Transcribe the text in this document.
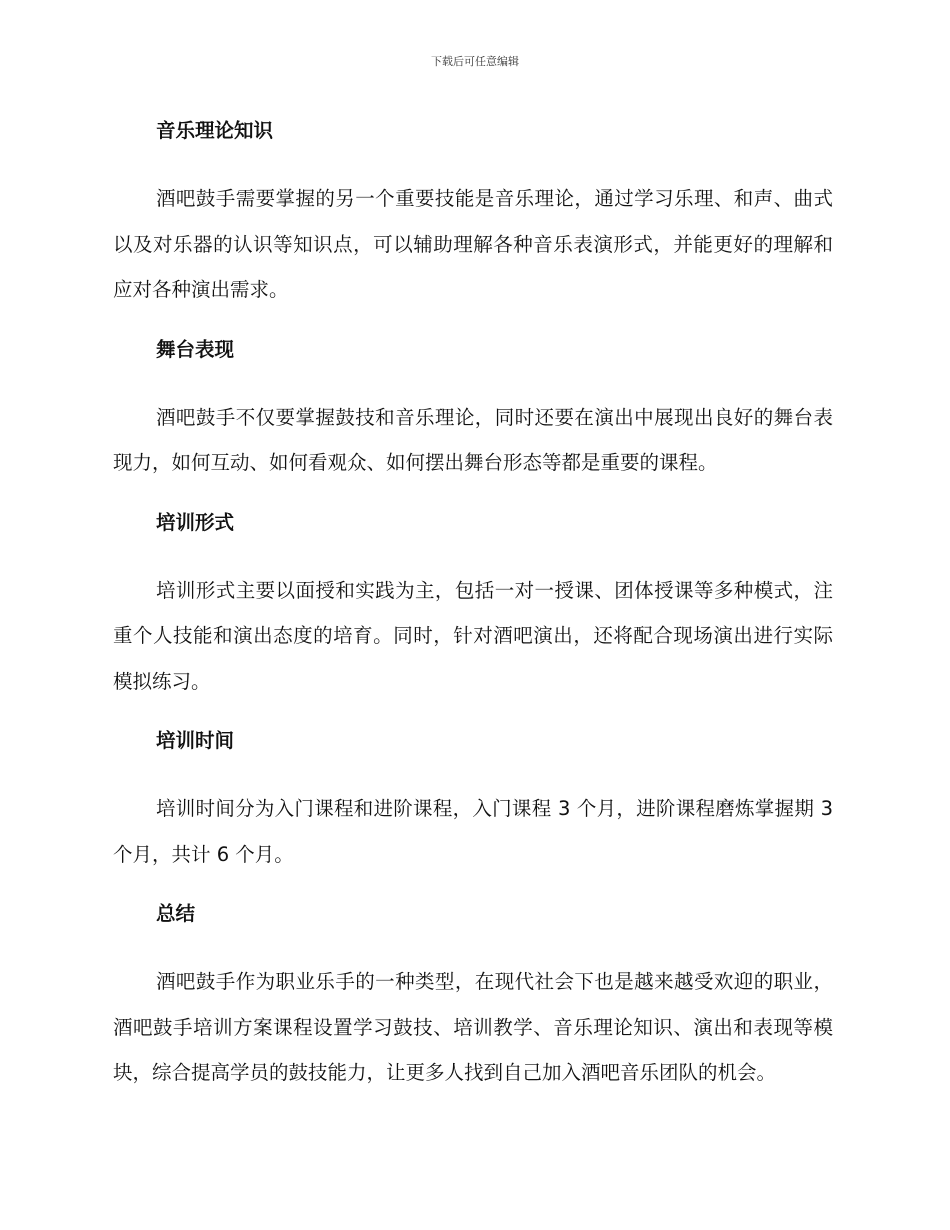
下载后可任意编辑
音乐理论知识

酒吧鼓手需要掌握的另一个重要技能是音乐理论，通过学习乐理、和声、曲式以及对乐器的认识等知识点，可以辅助理解各种音乐表演形式，并能更好的理解和应对各种演出需求。

舞台表现

酒吧鼓手不仅要掌握鼓技和音乐理论，同时还要在演出中展现出良好的舞台表现力，如何互动、如何看观众、如何摆出舞台形态等都是重要的课程。

培训形式

培训形式主要以面授和实践为主，包括一对一授课、团体授课等多种模式，注重个人技能和演出态度的培育。同时，针对酒吧演出，还将配合现场演出进行实际模拟练习。

培训时间

培训时间分为入门课程和进阶课程，入门课程 3 个月，进阶课程磨炼掌握期 3 个月，共计 6 个月。

总结

酒吧鼓手作为职业乐手的一种类型，在现代社会下也是越来越受欢迎的职业，酒吧鼓手培训方案课程设置学习鼓技、培训教学、音乐理论知识、演出和表现等模块，综合提高学员的鼓技能力，让更多人找到自己加入酒吧音乐团队的机会。
